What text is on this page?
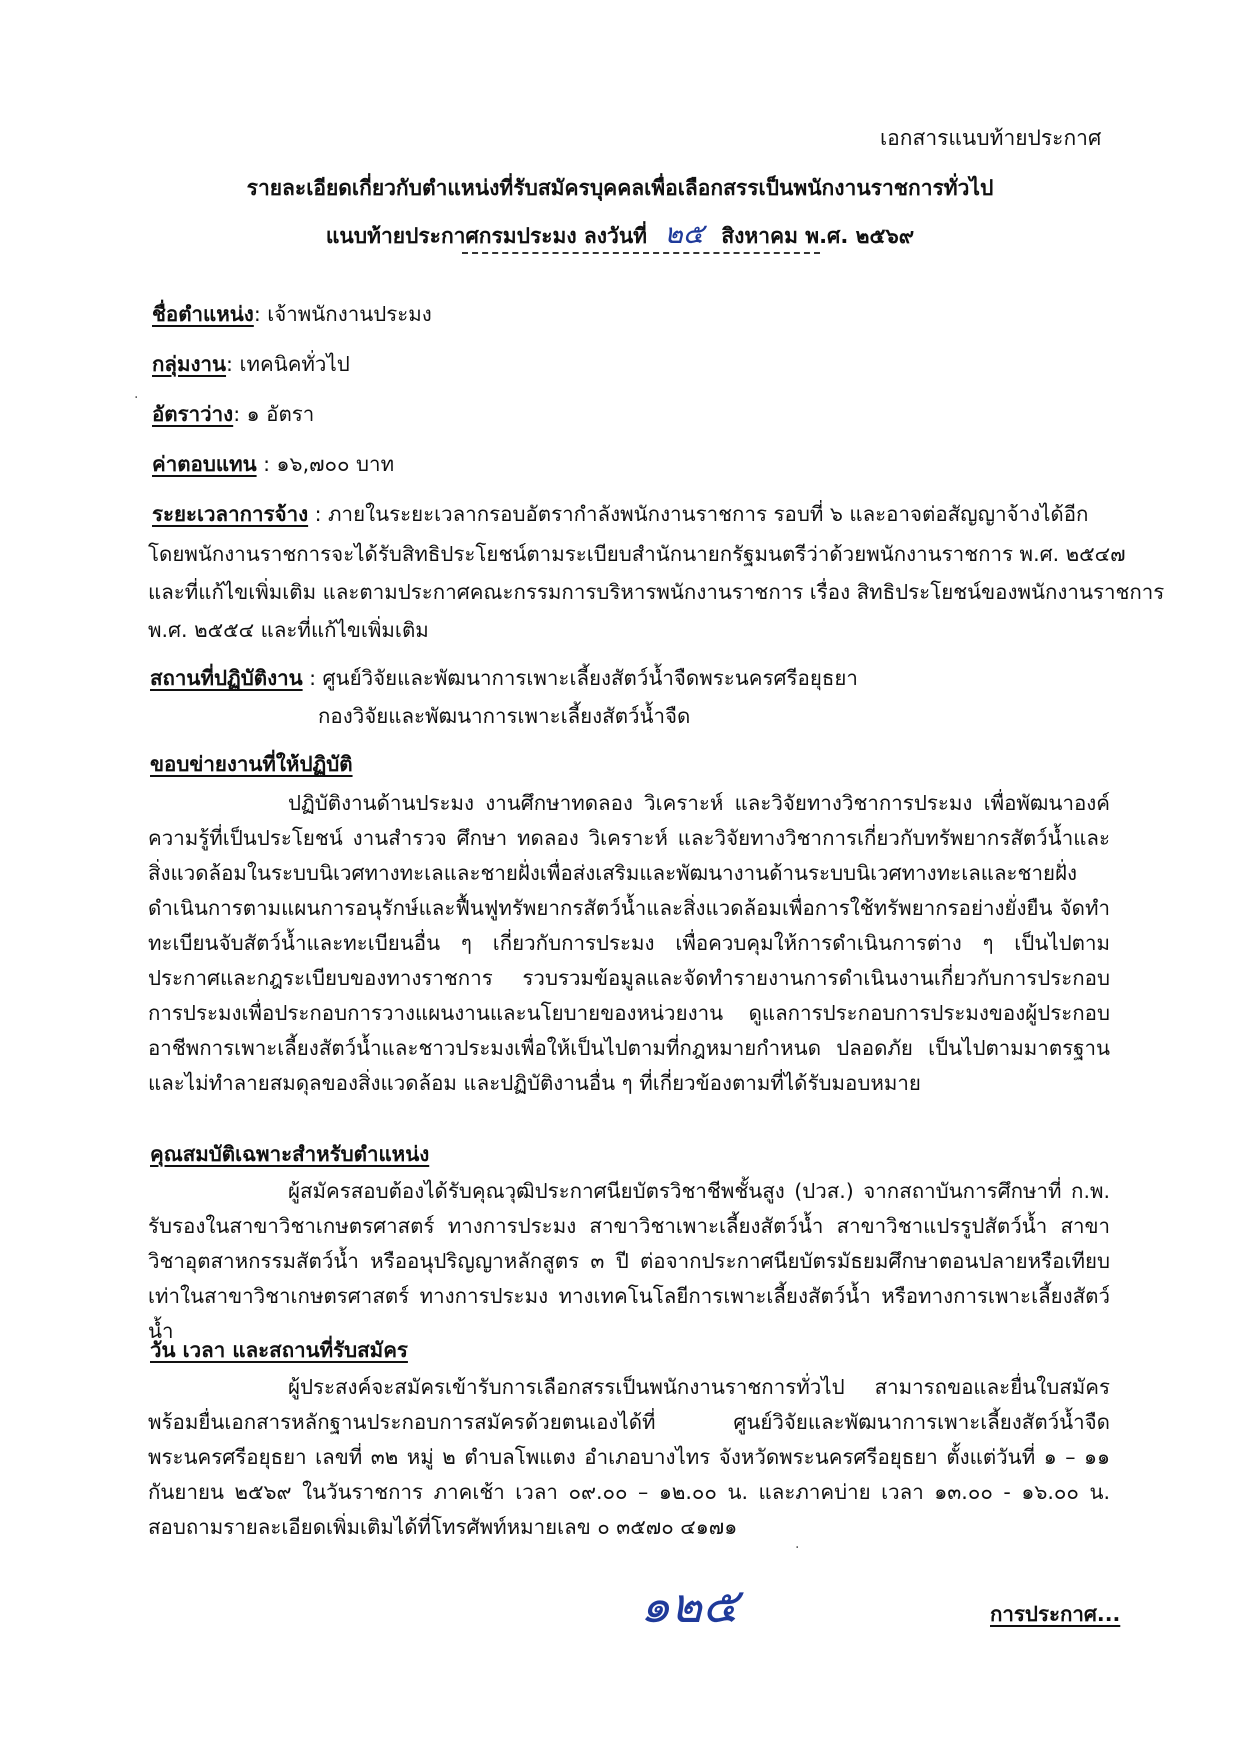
เอกสารแนบท้ายประกาศ
รายละเอียดเกี่ยวกับตำแหน่งที่รับสมัครบุคคลเพื่อเลือกสรรเป็นพนักงานราชการทั่วไป
แนบท้ายประกาศกรมประมง ลงวันที่ ๒๕ สิงหาคม พ.ศ. ๒๕๖๙
ชื่อตำแหน่ง: เจ้าพนักงานประมง
กลุ่มงาน: เทคนิคทั่วไป
อัตราว่าง: ๑ อัตรา
ค่าตอบแทน : ๑๖,๗๐๐ บาท
ระยะเวลาการจ้าง : ภายในระยะเวลากรอบอัตรากำลังพนักงานราชการ รอบที่ ๖ และอาจต่อสัญญาจ้างได้อีก
โดยพนักงานราชการจะได้รับสิทธิประโยชน์ตามระเบียบสำนักนายกรัฐมนตรีว่าด้วยพนักงานราชการ พ.ศ. ๒๕๔๗
และที่แก้ไขเพิ่มเติม และตามประกาศคณะกรรมการบริหารพนักงานราชการ เรื่อง สิทธิประโยชน์ของพนักงานราชการ
พ.ศ. ๒๕๕๔ และที่แก้ไขเพิ่มเติม
สถานที่ปฏิบัติงาน : ศูนย์วิจัยและพัฒนาการเพาะเลี้ยงสัตว์น้ำจืดพระนครศรีอยุธยา
กองวิจัยและพัฒนาการเพาะเลี้ยงสัตว์น้ำจืด
ขอบข่ายงานที่ให้ปฏิบัติ
ปฏิบัติงานด้านประมง งานศึกษาทดลอง วิเคราะห์ และวิจัยทางวิชาการประมง เพื่อพัฒนาองค์ความรู้ที่เป็นประโยชน์ งานสำรวจ ศึกษา ทดลอง วิเคราะห์ และวิจัยทางวิชาการเกี่ยวกับทรัพยากรสัตว์น้ำและสิ่งแวดล้อมในระบบนิเวศทางทะเลและชายฝั่งเพื่อส่งเสริมและพัฒนางานด้านระบบนิเวศทางทะเลและชายฝั่ง ดำเนินการตามแผนการอนุรักษ์และฟื้นฟูทรัพยากรสัตว์น้ำและสิ่งแวดล้อมเพื่อการใช้ทรัพยากรอย่างยั่งยืน จัดทำทะเบียนจับสัตว์น้ำและทะเบียนอื่น ๆ เกี่ยวกับการประมง เพื่อควบคุมให้การดำเนินการต่าง ๆ เป็นไปตามประกาศและกฎระเบียบของทางราชการ รวบรวมข้อมูลและจัดทำรายงานการดำเนินงานเกี่ยวกับการประกอบการประมงเพื่อประกอบการวางแผนงานและนโยบายของหน่วยงาน ดูแลการประกอบการประมงของผู้ประกอบอาชีพการเพาะเลี้ยงสัตว์น้ำและชาวประมงเพื่อให้เป็นไปตามที่กฎหมายกำหนด ปลอดภัย เป็นไปตามมาตรฐานและไม่ทำลายสมดุลของสิ่งแวดล้อม และปฏิบัติงานอื่น ๆ ที่เกี่ยวข้องตามที่ได้รับมอบหมาย
คุณสมบัติเฉพาะสำหรับตำแหน่ง
ผู้สมัครสอบต้องได้รับคุณวุฒิประกาศนียบัตรวิชาชีพชั้นสูง (ปวส.) จากสถาบันการศึกษาที่ ก.พ. รับรองในสาขาวิชาเกษตรศาสตร์ ทางการประมง สาขาวิชาเพาะเลี้ยงสัตว์น้ำ สาขาวิชาแปรรูปสัตว์น้ำ สาขาวิชาอุตสาหกรรมสัตว์น้ำ หรืออนุปริญญาหลักสูตร ๓ ปี ต่อจากประกาศนียบัตรมัธยมศึกษาตอนปลายหรือเทียบเท่าในสาขาวิชาเกษตรศาสตร์ ทางการประมง ทางเทคโนโลยีการเพาะเลี้ยงสัตว์น้ำ หรือทางการเพาะเลี้ยงสัตว์น้ำ
วัน เวลา และสถานที่รับสมัคร
ผู้ประสงค์จะสมัครเข้ารับการเลือกสรรเป็นพนักงานราชการทั่วไป สามารถขอและยื่นใบสมัครพร้อมยื่นเอกสารหลักฐานประกอบการสมัครด้วยตนเองได้ที่ ศูนย์วิจัยและพัฒนาการเพาะเลี้ยงสัตว์น้ำจืดพระนครศรีอยุธยา เลขที่ ๓๒ หมู่ ๒ ตำบลโพแตง อำเภอบางไทร จังหวัดพระนครศรีอยุธยา ตั้งแต่วันที่ ๑ – ๑๑ กันยายน ๒๕๖๙ ในวันราชการ ภาคเช้า เวลา ๐๙.๐๐ – ๑๒.๐๐ น. และภาคบ่าย เวลา ๑๓.๐๐ - ๑๖.๐๐ น. สอบถามรายละเอียดเพิ่มเติมได้ที่โทรศัพท์หมายเลข ๐ ๓๕๗๐ ๔๑๗๑
๑๒๕	การประกาศ...
·
·
